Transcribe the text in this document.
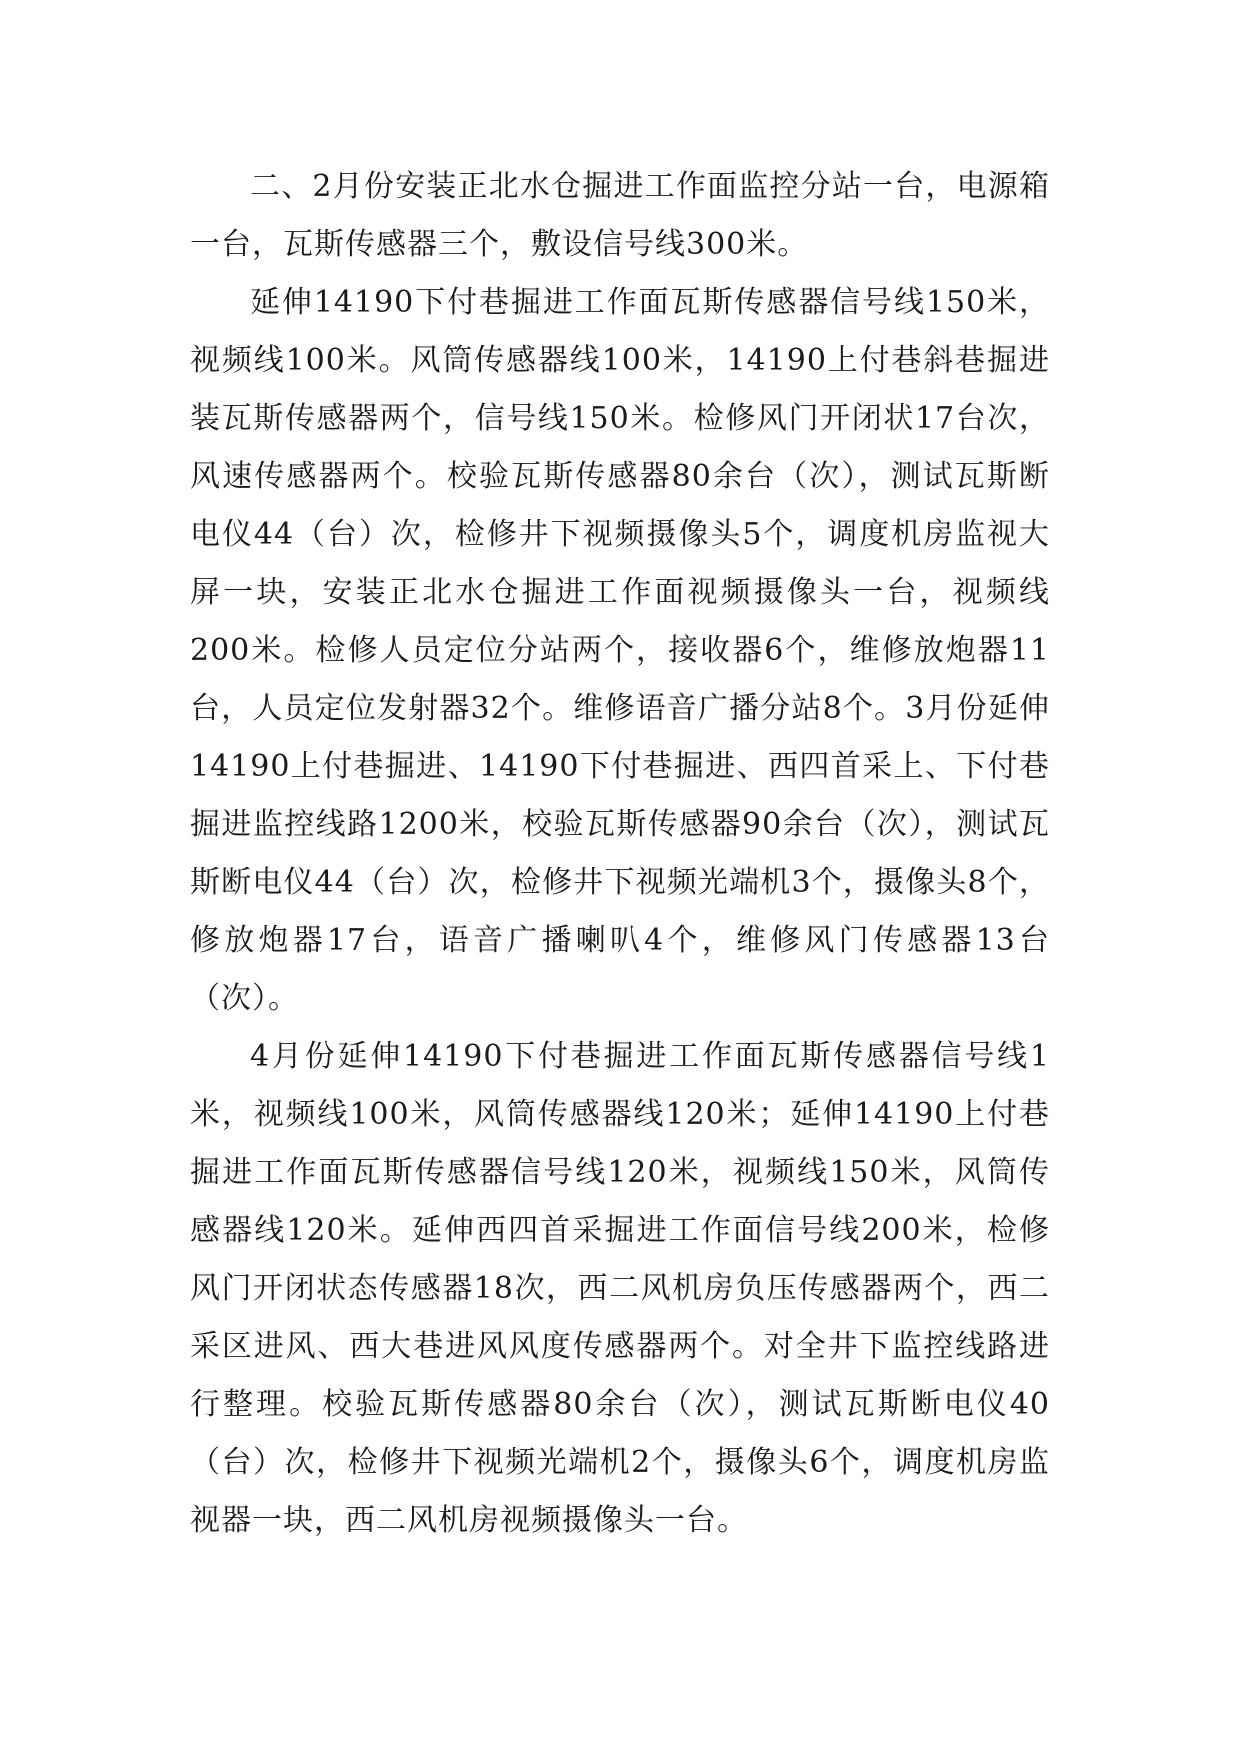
二、2月份安装正北水仓掘进工作面监控分站一台，电源箱一台，瓦斯传感器三个，敷设信号线300米。

延伸14190下付巷掘进工作面瓦斯传感器信号线150米，视频线100米。风筒传感器线100米，14190上付巷斜巷掘进装瓦斯传感器两个，信号线150米。检修风门开闭状17台次，风速传感器两个。校验瓦斯传感器80余台（次），测试瓦斯断电仪44（台）次，检修井下视频摄像头5个，调度机房监视大屏一块，安装正北水仓掘进工作面视频摄像头一台，视频线200米。检修人员定位分站两个，接收器6个，维修放炮器11台，人员定位发射器32个。维修语音广播分站8个。3月份延伸14190上付巷掘进、14190下付巷掘进、西四首采上、下付巷掘进监控线路1200米，校验瓦斯传感器90余台（次），测试瓦斯断电仪44（台）次，检修井下视频光端机3个，摄像头8个，修放炮器17台，语音广播喇叭4个，维修风门传感器13台（次）。

4月份延伸14190下付巷掘进工作面瓦斯传感器信号线1米，视频线100米，风筒传感器线120米；延伸14190上付巷掘进工作面瓦斯传感器信号线120米，视频线150米，风筒传感器线120米。延伸西四首采掘进工作面信号线200米，检修风门开闭状态传感器18次，西二风机房负压传感器两个，西二采区进风、西大巷进风风度传感器两个。对全井下监控线路进行整理。校验瓦斯传感器80余台（次），测试瓦斯断电仪40（台）次，检修井下视频光端机2个，摄像头6个，调度机房监视器一块，西二风机房视频摄像头一台。
